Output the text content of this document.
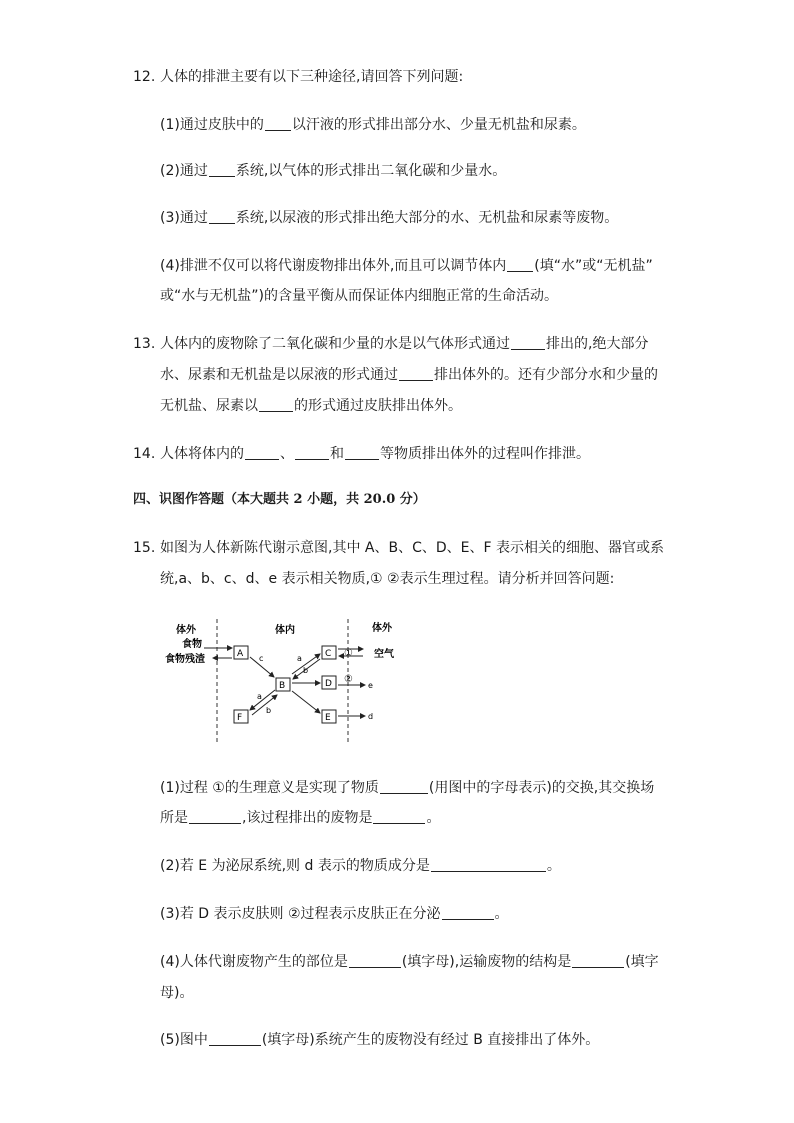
12. 人体的排泄主要有以下三种途径,请回答下列问题:
(1)通过皮肤中的 以汗液的形式排出部分水、少量无机盐和尿素。
(2)通过 系统,以气体的形式排出二氧化碳和少量水。
(3)通过 系统,以尿液的形式排出绝大部分的水、无机盐和尿素等废物。
(4)排泄不仅可以将代谢废物排出体外,而且可以调节体内 (填“水”或“无机盐”
或“水与无机盐”)的含量平衡从而保证体内细胞正常的生命活动。
13. 人体内的废物除了二氧化碳和少量的水是以气体形式通过	排出的,绝大部分
水、尿素和无机盐是以尿液的形式通过	排出体外的。还有少部分水和少量的
无机盐、尿素以	的形式通过皮肤排出体外。
14. 人体将体内的	、	和	等物质排出体外的过程叫作排泄。
四、识图作答题（本大题共 2 小题，共 20.0 分）
15. 如图为人体新陈代谢示意图,其中 A、B、C、D、E、F 表示相关的细胞、器官或系
统,a、b、c、d、e 表示相关物质,① ②表示生理过程。请分析并回答问题:
体外	体内	体外
食物
食物残渣	空气
A
B
C
D
E
F
c	a
b
①
②
e
d
a
b
(1)过程 ①的生理意义是实现了物质	(用图中的字母表示)的交换,其交换场
所是	,该过程排出的废物是	。
(2)若 E 为泌尿系统,则 d 表示的物质成分是	。
(3)若 D 表示皮肤则 ②过程表示皮肤正在分泌	。
(4)人体代谢废物产生的部位是	(填字母),运输废物的结构是	(填字
母)。
(5)图中	(填字母)系统产生的废物没有经过 B 直接排出了体外。
